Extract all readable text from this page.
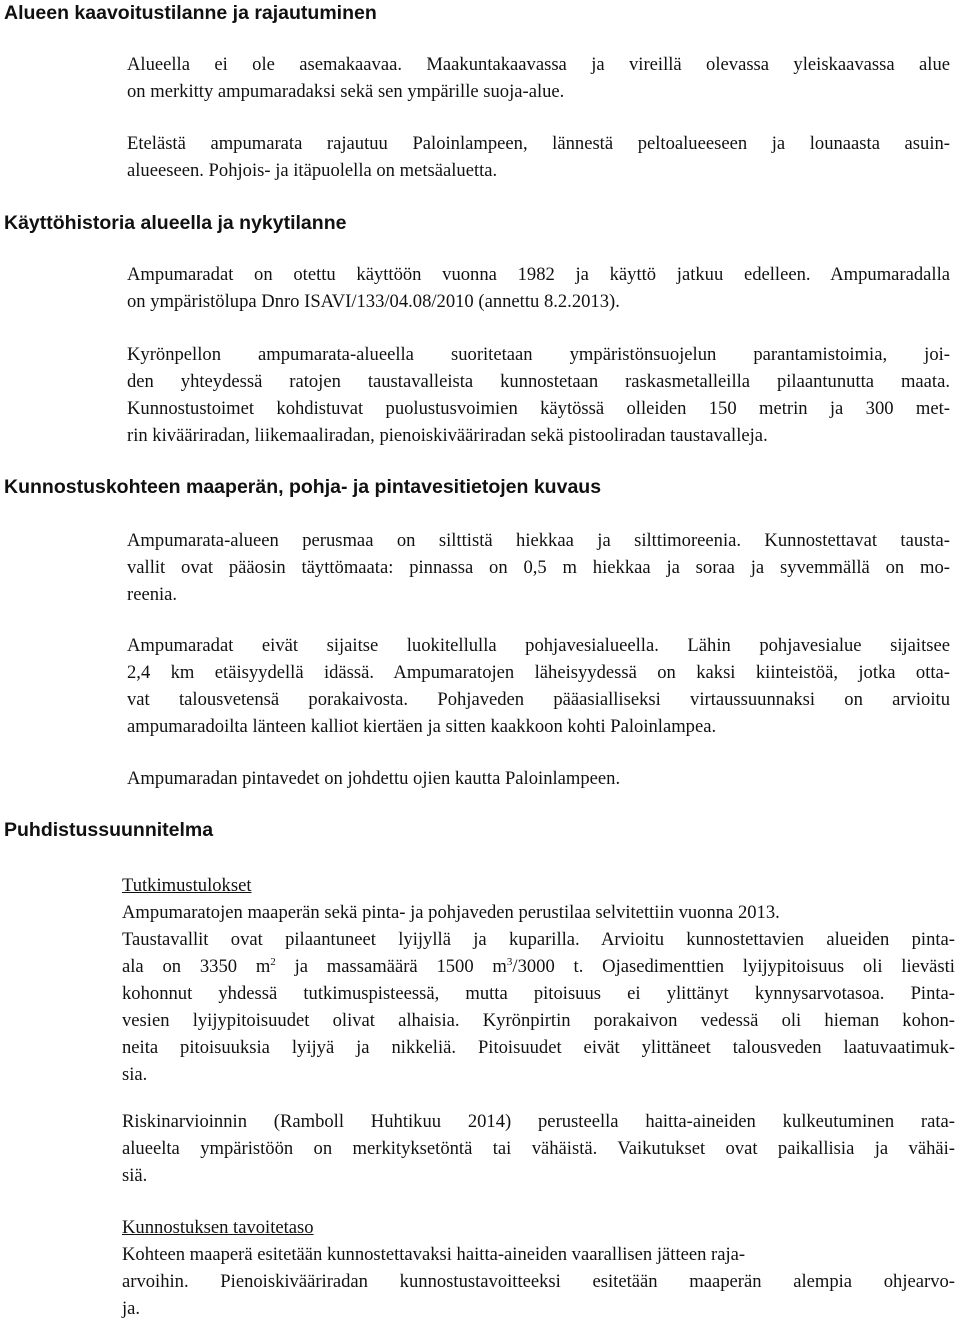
Alueen kaavoitustilanne ja rajautuminen
Alueella ei ole asemakaavaa. Maakuntakaavassa ja vireillä olevassa yleiskaavassa alue
on merkitty ampumaradaksi sekä sen ympärille suoja-alue.
Etelästä ampumarata rajautuu Paloinlampeen, lännestä peltoalueeseen ja lounaasta asuin-
alueeseen. Pohjois- ja itäpuolella on metsäaluetta.
Käyttöhistoria alueella ja nykytilanne
Ampumaradat on otettu käyttöön vuonna 1982 ja käyttö jatkuu edelleen. Ampumaradalla
on ympäristölupa Dnro ISAVI/133/04.08/2010 (annettu 8.2.2013).
Kyrönpellon ampumarata-alueella suoritetaan ympäristönsuojelun parantamistoimia, joi-
den yhteydessä ratojen taustavalleista kunnostetaan raskasmetalleilla pilaantunutta maata.
Kunnostustoimet kohdistuvat puolustusvoimien käytössä olleiden 150 metrin ja 300 met-
rin kivääriradan, liikemaaliradan, pienoiskivääriradan sekä pistooliradan taustavalleja.
Kunnostuskohteen maaperän, pohja- ja pintavesitietojen kuvaus
Ampumarata-alueen perusmaa on silttistä hiekkaa ja silttimoreenia. Kunnostettavat tausta-
vallit ovat pääosin täyttömaata: pinnassa on 0,5 m hiekkaa ja soraa ja syvemmällä on mo-
reenia.
Ampumaradat eivät sijaitse luokitellulla pohjavesialueella. Lähin pohjavesialue sijaitsee
2,4 km etäisyydellä idässä. Ampumaratojen läheisyydessä on kaksi kiinteistöä, jotka otta-
vat talousvetensä porakaivosta. Pohjaveden pääasialliseksi virtaussuunnaksi on arvioitu
ampumaradoilta länteen kalliot kiertäen ja sitten kaakkoon kohti Paloinlampea.
Ampumaradan pintavedet on johdettu ojien kautta Paloinlampeen.
Puhdistussuunnitelma
Tutkimustulokset
Ampumaratojen maaperän sekä pinta- ja pohjaveden perustilaa selvitettiin vuonna 2013.
Taustavallit ovat pilaantuneet lyijyllä ja kuparilla. Arvioitu kunnostettavien alueiden pinta-
ala on 3350 $m^2$ ja massamäärä 1500 $m^3/3000$ t. Ojasedimenttien lyijypitoisuus oli lievästi
kohonnut yhdessä tutkimuspisteessä, mutta pitoisuus ei ylittänyt kynnysarvotasoa. Pinta-
vesien lyijypitoisuudet olivat alhaisia. Kyrönpirtin porakaivon vedessä oli hieman kohon-
neita pitoisuuksia lyijyä ja nikkeliä. Pitoisuudet eivät ylittäneet talousveden laatuvaatimuk-
sia.
Riskinarvioinnin (Ramboll Huhtikuu 2014) perusteella haitta-aineiden kulkeutuminen rata-
alueelta ympäristöön on merkityksetöntä tai vähäistä. Vaikutukset ovat paikallisia ja vähäi-
siä.
Kunnostuksen tavoitetaso
Kohteen maaperä esitetään kunnostettavaksi haitta-aineiden vaarallisen jätteen raja-
arvoihin. Pienoiskivääriradan kunnostustavoitteeksi esitetään maaperän alempia ohjearvo-
ja.
